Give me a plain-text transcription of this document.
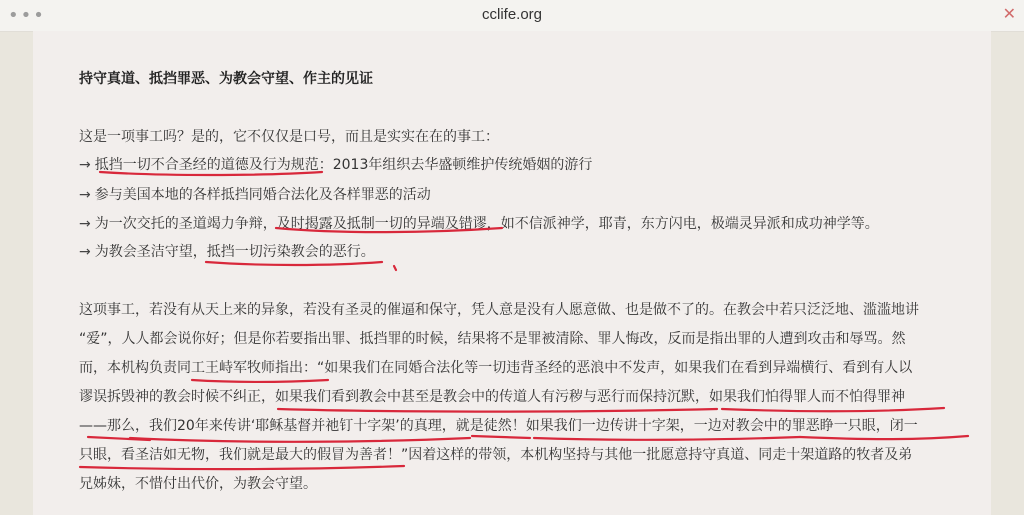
•••	cclife.org	✕
持守真道、抵挡罪恶、为教会守望、作主的见证

这是一项事工吗？是的，它不仅仅是口号，而且是实实在在的事工：

→ 抵挡一切不合圣经的道德及行为规范：2013年组织去华盛顿维护传统婚姻的游行

→ 参与美国本地的各样抵挡同婚合法化及各样罪恶的活动

→ 为一次交托的圣道竭力争辩，及时揭露及抵制一切的异端及错谬，如不信派神学，耶青，东方闪电，极端灵异派和成功神学等。

→ 为教会圣洁守望，抵挡一切污染教会的恶行。

这项事工，若没有从天上来的异象，若没有圣灵的催逼和保守，凭人意是没有人愿意做、也是做不了的。在教会中若只泛泛地、滥滥地讲

“爱”，人人都会说你好；但是你若要指出罪、抵挡罪的时候，结果将不是罪被清除、罪人悔改，反而是指出罪的人遭到攻击和辱骂。然

而，本机构负责同工王峙军牧师指出：“如果我们在同婚合法化等一切违背圣经的恶浪中不发声，如果我们在看到异端横行、看到有人以

谬误拆毁神的教会时候不纠正，如果我们看到教会中甚至是教会中的传道人有污秽与恶行而保持沉默，如果我们怕得罪人而不怕得罪神

——那么，我们20年来传讲‘耶稣基督并祂钉十字架’的真理，就是徒然！如果我们一边传讲十字架，一边对教会中的罪恶睁一只眼，闭一

只眼，看圣洁如无物，我们就是最大的假冒为善者！”因着这样的带领，本机构坚持与其他一批愿意持守真道、同走十架道路的牧者及弟

兄姊妹，不惜付出代价，为教会守望。
